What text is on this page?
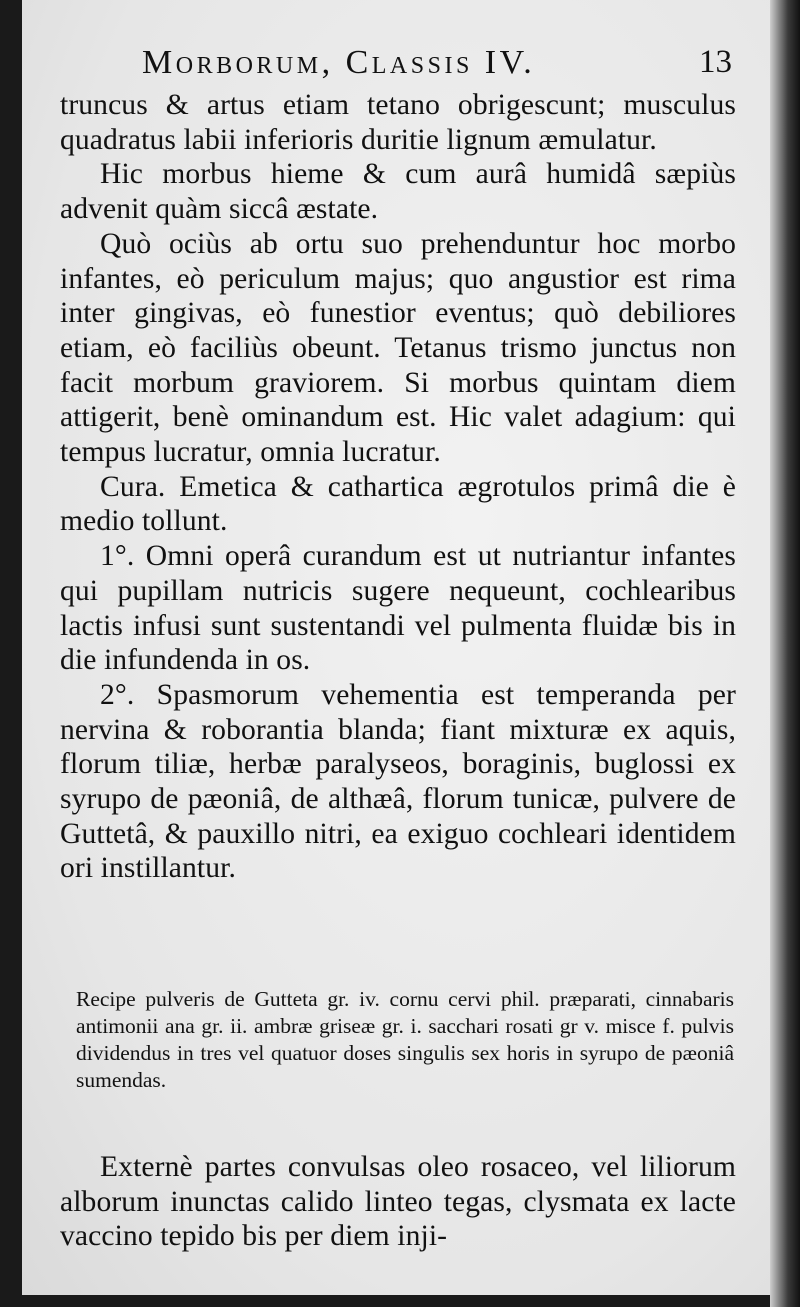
Morborum, Classis IV.	13

truncus & artus etiam tetano obrigescunt; musculus quadratus labii inferioris duritie lignum æmulatur.

Hic morbus hieme & cum aurâ humidâ sæpiùs advenit quàm siccâ æstate.

Quò ociùs ab ortu suo prehenduntur hoc morbo infantes, eò periculum majus; quo angustior est rima inter gingivas, eò funestior eventus; quò debiliores etiam, eò faciliùs obeunt. Tetanus trismo junctus non facit morbum graviorem. Si morbus quintam diem attigerit, benè ominandum est. Hic valet adagium: qui tempus lucratur, omnia lucratur.

Cura. Emetica & cathartica ægrotulos primâ die è medio tollunt.

1°. Omni operâ curandum est ut nutriantur infantes qui pupillam nutricis sugere nequeunt, cochlearibus lactis infusi sunt sustentandi vel pulmenta fluidæ bis in die infundenda in os.

2°. Spasmorum vehementia est temperanda per nervina & roborantia blanda; fiant mixturæ ex aquis, florum tiliæ, herbæ paralyseos, boraginis, buglossi ex syrupo de pæoniâ, de althæâ, florum tunicæ, pulvere de Guttetâ, & pauxillo nitri, ea exiguo cochleari identidem ori instillantur.

Recipe pulveris de Gutteta gr. iv. cornu cervi phil. præparati, cinnabaris antimonii ana gr. ii. ambræ griseæ gr. i. sacchari rosati gr v. misce f. pulvis dividendus in tres vel quatuor doses singulis sex horis in syrupo de pæoniâ sumendas.

Externè partes convulsas oleo rosaceo, vel liliorum alborum inunctas calido linteo tegas, clysmata ex lacte vaccino tepido bis per diem inji-
